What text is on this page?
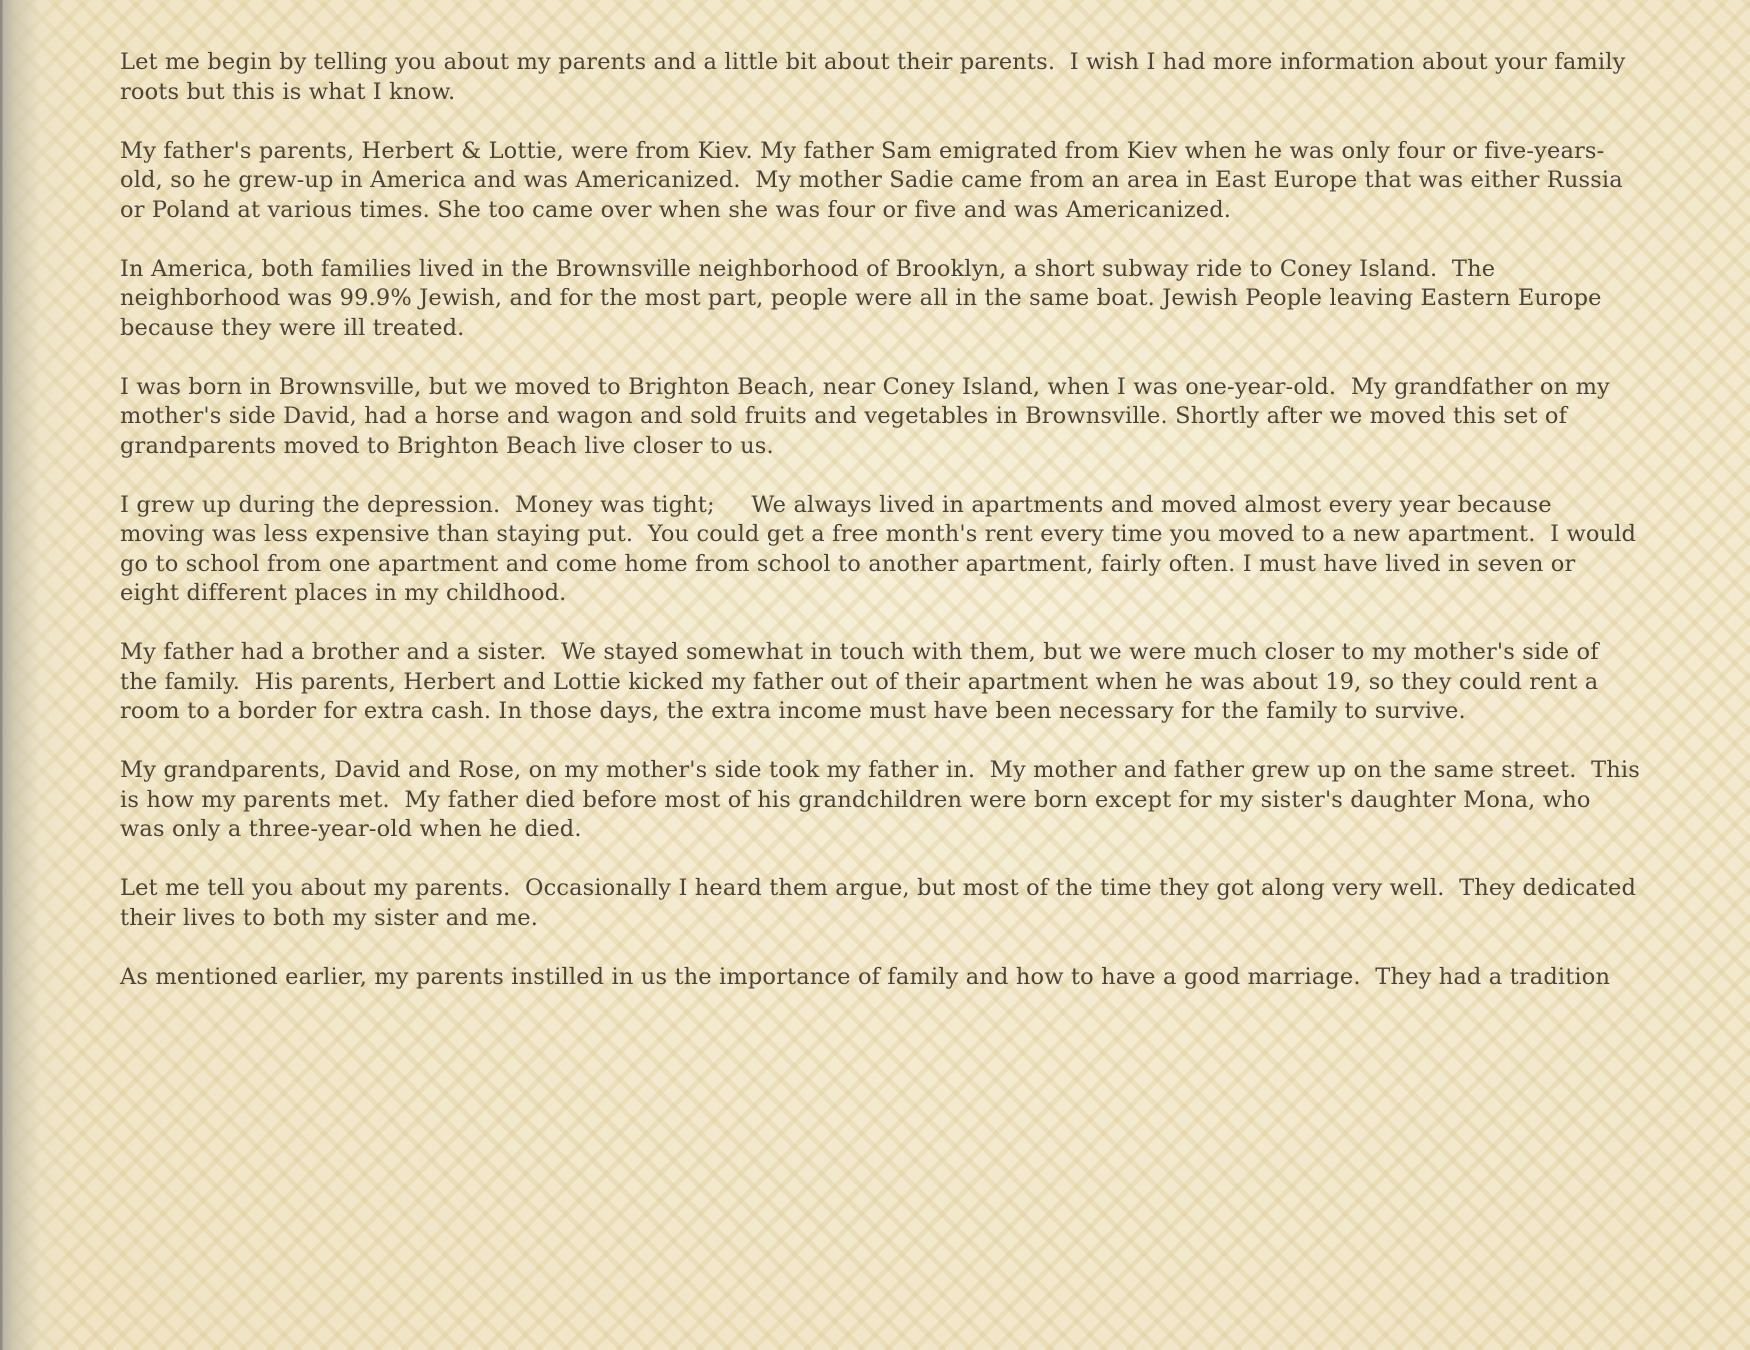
Let me begin by telling you about my parents and a little bit about their parents.  I wish I had more information about your family roots but this is what I know.

My father's parents, Herbert & Lottie, were from Kiev. My father Sam emigrated from Kiev when he was only four or five-years-old, so he grew-up in America and was Americanized.  My mother Sadie came from an area in East Europe that was either Russia or Poland at various times. She too came over when she was four or five and was Americanized.

In America, both families lived in the Brownsville neighborhood of Brooklyn, a short subway ride to Coney Island.  The neighborhood was 99.9% Jewish, and for the most part, people were all in the same boat. Jewish People leaving Eastern Europe because they were ill treated.

I was born in Brownsville, but we moved to Brighton Beach, near Coney Island, when I was one-year-old.  My grandfather on my mother's side David, had a horse and wagon and sold fruits and vegetables in Brownsville. Shortly after we moved this set of grandparents moved to Brighton Beach live closer to us.

I grew up during the depression.  Money was tight;     We always lived in apartments and moved almost every year because moving was less expensive than staying put.  You could get a free month's rent every time you moved to a new apartment.  I would go to school from one apartment and come home from school to another apartment, fairly often. I must have lived in seven or eight different places in my childhood.

My father had a brother and a sister.  We stayed somewhat in touch with them, but we were much closer to my mother's side of the family.  His parents, Herbert and Lottie kicked my father out of their apartment when he was about 19, so they could rent a room to a border for extra cash. In those days, the extra income must have been necessary for the family to survive.

My grandparents, David and Rose, on my mother's side took my father in.  My mother and father grew up on the same street.  This is how my parents met.  My father died before most of his grandchildren were born except for my sister's daughter Mona, who was only a three-year-old when he died.

Let me tell you about my parents.  Occasionally I heard them argue, but most of the time they got along very well.  They dedicated their lives to both my sister and me.

As mentioned earlier, my parents instilled in us the importance of family and how to have a good marriage.  They had a tradition
